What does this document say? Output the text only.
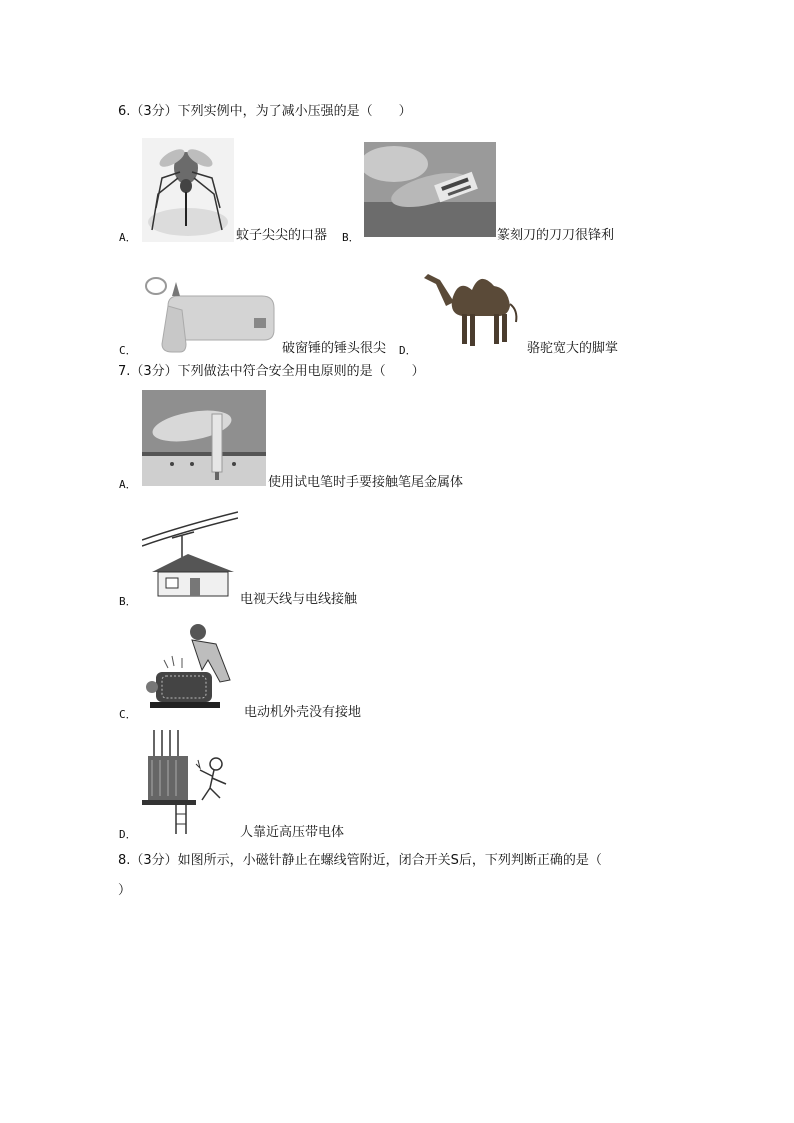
6.（3分）下列实例中，为了减小压强的是（　　）
A．	蚊子尖尖的口器 B．	篆刻刀的刀刀很锋利
C．	破窗锤的锤头很尖 D．	骆驼宽大的脚掌
7.（3分）下列做法中符合安全用电原则的是（　　）
A．	使用试电笔时手要接触笔尾金属体
B．	电视天线与电线接触
C．	电动机外壳没有接地
D．	人靠近高压带电体
8.（3分）如图所示，小磁针静止在螺线管附近，闭合开关S后，下列判断正确的是（
）
